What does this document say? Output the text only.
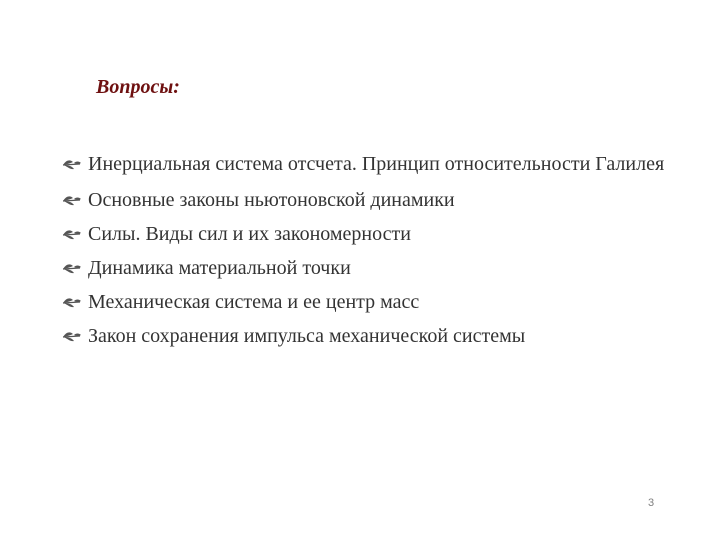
Вопросы:
Инерциальная система отсчета. Принцип относительности Галилея
Основные законы ньютоновской динамики
Силы. Виды сил и их закономерности
Динамика материальной точки
Механическая система и ее центр масс
Закон сохранения импульса механической системы
3
